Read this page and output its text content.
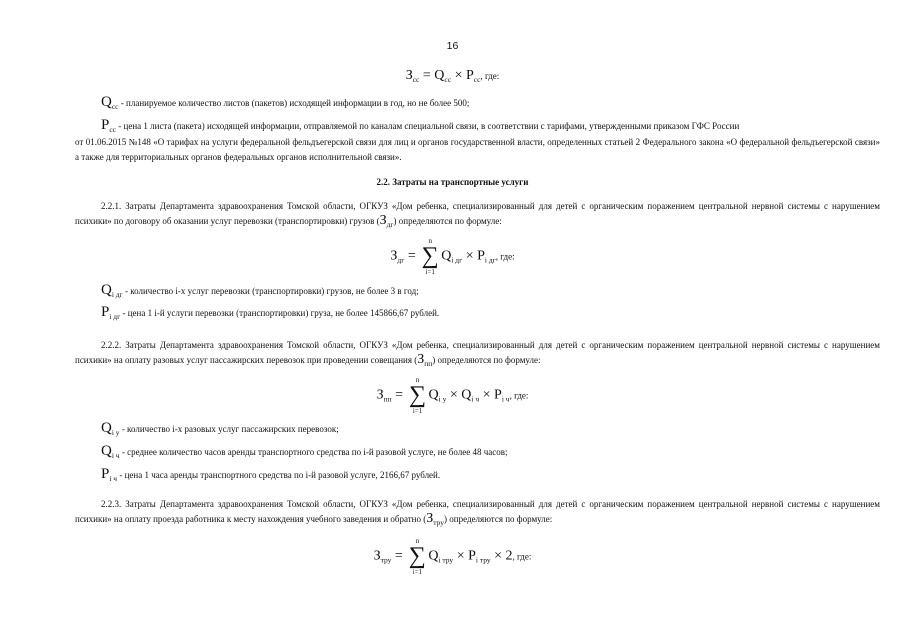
16
$З_{сс} = Q_{сс} \times P_{сс}$, где:
$Q_{сс}$ - планируемое количество листов (пакетов) исходящей информации в год, но не более 500;
$P_{сс}$ - цена 1 листа (пакета) исходящей информации, отправляемой по каналам специальной связи, в соответствии с тарифами, утвержденными приказом ГФС России
от 01.06.2015 №148 «О тарифах на услуги федеральной фельдъегерской связи для лиц и органов государственной власти, определенных статьей 2 Федерального закона «О федеральной фельдъегерской связи» а также для территориальных органов федеральных органов исполнительной связи».
2.2. Затраты на транспортные услуги
2.2.1. Затраты Департамента здравоохранения Томской области, ОГКУЗ «Дом ребенка, специализированный для детей с органическим поражением центральной нервной системы с нарушением психики» по договору об оказании услуг перевозки (транспортировки) грузов $(З_{дг})$ определяются по формуле:
$З_{дг}$ =
n
∑
i=1
$Q_{i дг} \times P_{i дг}$, где:
$Q_{i дг}$ - количество i-х услуг перевозки (транспортировки) грузов, не более 3 в год;
$P_{i дг}$ - цена 1 i-й услуги перевозки (транспортировки) груза, не более 145866,67 рублей.
2.2.2. Затраты Департамента здравоохранения Томской области, ОГКУЗ «Дом ребенка, специализированный для детей с органическим поражением центральной нервной системы с нарушением психики» на оплату разовых услуг пассажирских перевозок при проведении совещания $(З_{пп})$ определяются по формуле:
$З_{пп}$ =
n
∑
i=1
$Q_{i у} \times Q_{i ч} \times P_{i ч}$, где:
$Q_{i у}$ - количество i-х разовых услуг пассажирских перевозок;
$Q_{i ч}$ - среднее количество часов аренды транспортного средства по i-й разовой услуге, не более 48 часов;
$P_{i ч}$ - цена 1 часа аренды транспортного средства по i-й разовой услуге, 2166,67 рублей.
2.2.3. Затраты Департамента здравоохранения Томской области, ОГКУЗ «Дом ребенка, специализированный для детей с органическим поражением центральной нервной системы с нарушением психики» на оплату проезда работника к месту нахождения учебного заведения и обратно $(З_{тру})$ определяются по формуле:
$З_{тру}$ =
n
∑
i=1
$Q_{i тру} \times P_{i тру} \times 2$, где:
